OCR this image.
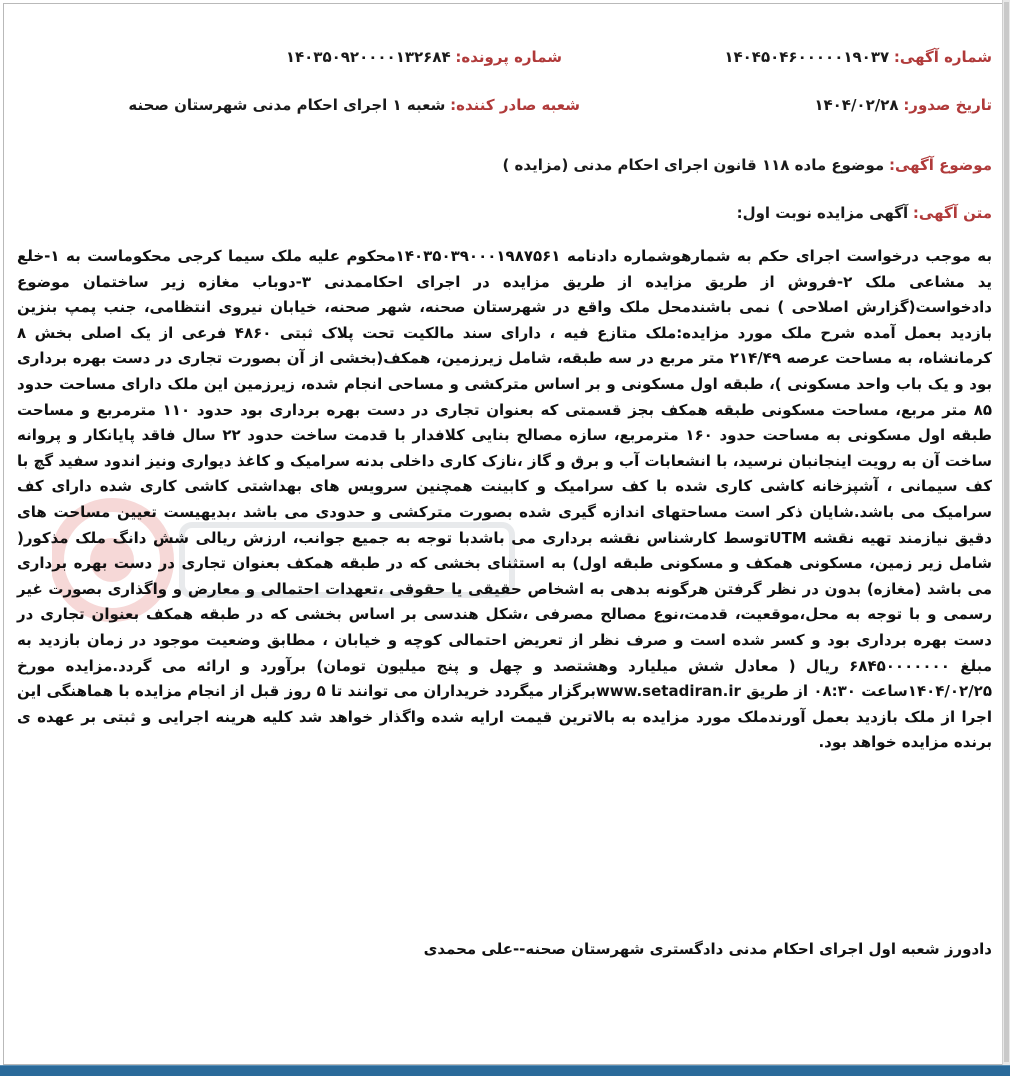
شماره آگهی: ۱۴۰۴۵۰۴۶۰۰۰۰۰۱۹۰۳۷
شماره پرونده: ۱۴۰۳۵۰۹۲۰۰۰۰۱۳۲۶۸۴
تاریخ صدور: ۱۴۰۴/۰۲/۲۸
شعبه صادر کننده: شعبه ۱ اجرای احکام مدنی شهرستان صحنه
موضوع آگهی: موضوع ماده ۱۱۸ قانون اجرای احکام مدنی (مزایده )
متن آگهی: آگهی مزایده نوبت اول:
به موجب درخواست اجرای حکم به شمارهوشماره دادنامه ۱۴۰۳۵۰۳۹۰۰۰۱۹۸۷۵۶۱محکوم علیه ملک سیما کرجی محکوماست به ۱-خلع ید مشاعی ملک ۲-فروش از طریق مزایده از طریق مزایده در اجرای احکاممدنی ۳-دوباب مغازه زیر ساختمان موضوع دادخواست(گزارش اصلاحی ) نمی باشندمحل ملک واقع در شهرستان صحنه، شهر صحنه، خیابان نیروی انتظامی، جنب پمپ بنزین بازدید بعمل آمده شرح ملک مورد مزایده:ملک متازع فیه ، دارای سند مالکیت تحت پلاک ثبتی ۴۸۶۰ فرعی از یک اصلی بخش ۸ کرمانشاه، به مساحت عرصه ۲۱۴/۴۹ متر مربع در سه طبقه، شامل زیرزمین، همکف(بخشی از آن بصورت تجاری در دست بهره برداری بود و یک باب واحد مسکونی )، طبقه اول مسکونی و بر اساس مترکشی و مساحی انجام شده، زیرزمین این ملک دارای مساحت حدود ۸۵ متر مربع، مساحت مسکونی طبقه همکف بجز قسمتی که بعنوان تجاری در دست بهره برداری بود حدود ۱۱۰ مترمربع و مساحت طبقه اول مسکونی به مساحت حدود ۱۶۰ مترمربع، سازه مصالح بنایی کلافدار با قدمت ساخت حدود ۲۲ سال فاقد پایانکار و پروانه ساخت آن به رویت اینجانبان نرسید، با انشعابات آب و برق و گاز ،نازک کاری داخلی بدنه سرامیک و کاغذ دیواری ونیز اندود سفید گچ با کف سیمانی ، آشپزخانه کاشی کاری شده با کف سرامیک و کابینت همچنین سرویس های بهداشتی کاشی کاری شده دارای کف سرامیک می باشد.شایان ذکر است مساحتهای اندازه گیری شده بصورت مترکشی و حدودی می باشد ،بدیهیست تعیین مساحت های دقیق نیازمند تهیه نقشه UTMتوسط کارشناس نقشه برداری می باشدبا توجه به جمیع جوانب، ارزش ریالی شش دانگ ملک مذکور( شامل زیر زمین، مسکونی همکف و مسکونی طبقه اول) به استثنای بخشی که در طبقه همکف بعنوان تجاری در دست بهره برداری می باشد (مغازه) بدون در نظر گرفتن هرگونه بدهی به اشخاص حقیقی یا حقوقی ،تعهدات احتمالی و معارض و واگذاری بصورت غیر رسمی و با توجه به محل،موقعیت، قدمت،نوع مصالح مصرفی ،شکل هندسی بر اساس بخشی که در طبقه همکف بعنوان تجاری در دست بهره برداری بود و کسر شده است و صرف نظر از تعریض احتمالی کوچه و خیابان ، مطابق وضعیت موجود در زمان بازدید به مبلغ ۶۸۴۵۰۰۰۰۰۰۰ ریال ( معادل شش میلیارد وهشتصد و چهل و پنج میلیون تومان) برآورد و ارائه می گردد.مزایده مورخ ۱۴۰۴/۰۲/۲۵ساعت ۰۸:۳۰ از طریق www.setadiran.irبرگزار میگردد خریداران می توانند تا ۵ روز قبل از انجام مزایده با هماهنگی این اجرا از ملک بازدید بعمل آورندملک مورد مزایده به بالاترین قیمت ارایه شده واگذار خواهد شد کلیه هرینه اجرایی و ثبتی بر عهده ی برنده مزایده خواهد بود.
دادورز شعبه اول اجرای احکام مدنی دادگستری شهرستان صحنه--علی محمدی
